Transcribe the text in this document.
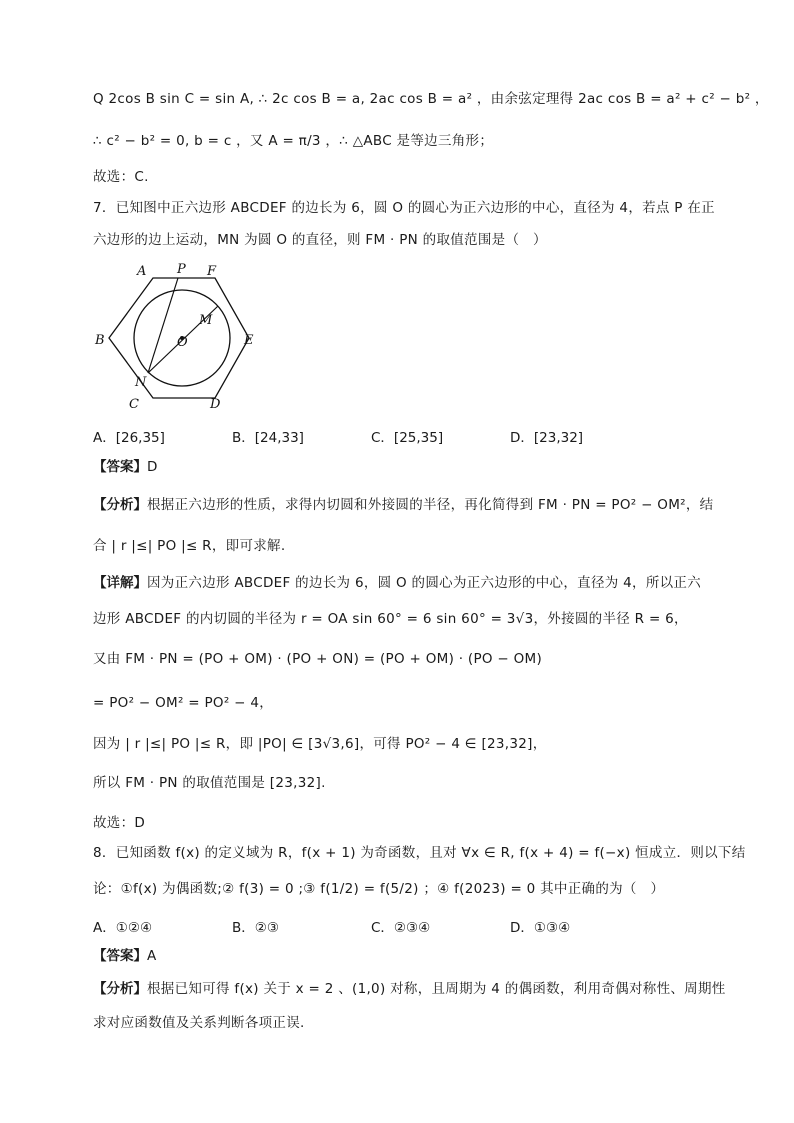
Q 2cos B sin C = sin A, ∴ 2c cos B = a, 2ac cos B = a² ，由余弦定理得 2ac cos B = a² + c² − b² ，
∴ c² − b² = 0, b = c ，又 A = π/3 ，∴ △ABC 是等边三角形；
故选：C.
7．已知图中正六边形 ABCDEF 的边长为 6，圆 O 的圆心为正六边形的中心，直径为 4，若点 P 在正
六边形的边上运动，MN 为圆 O 的直径，则 FM · PN 的取值范围是（　）
A P F
M
B	O	E
N
C	D
A．[26,35]	B．[24,33]	C．[25,35]	D．[23,32]
【答案】D
【分析】根据正六边形的性质，求得内切圆和外接圆的半径，再化简得到 FM · PN = PO² − OM²，结
合 | r |≤| PO |≤ R，即可求解.
【详解】因为正六边形 ABCDEF 的边长为 6，圆 O 的圆心为正六边形的中心，直径为 4，所以正六
边形 ABCDEF 的内切圆的半径为 r = OA sin 60° = 6 sin 60° = 3√3，外接圆的半径 R = 6，
又由 FM · PN = (PO + OM) · (PO + ON) = (PO + OM) · (PO − OM)
= PO² − OM² = PO² − 4，
因为 | r |≤| PO |≤ R，即 |PO| ∈ [3√3,6]，可得 PO² − 4 ∈ [23,32]，
所以 FM · PN 的取值范围是 [23,32].
故选：D
8．已知函数 f(x) 的定义域为 R，f(x + 1) 为奇函数，且对 ∀x ∈ R, f(x + 4) = f(−x) 恒成立．则以下结
论：①f(x) 为偶函数;② f(3) = 0 ;③ f(1/2) = f(5/2) ；④ f(2023) = 0 其中正确的为（　）
A．①②④	B．②③	C．②③④	D．①③④
【答案】A
【分析】根据已知可得 f(x) 关于 x = 2 、(1,0) 对称，且周期为 4 的偶函数，利用奇偶对称性、周期性
求对应函数值及关系判断各项正误.
